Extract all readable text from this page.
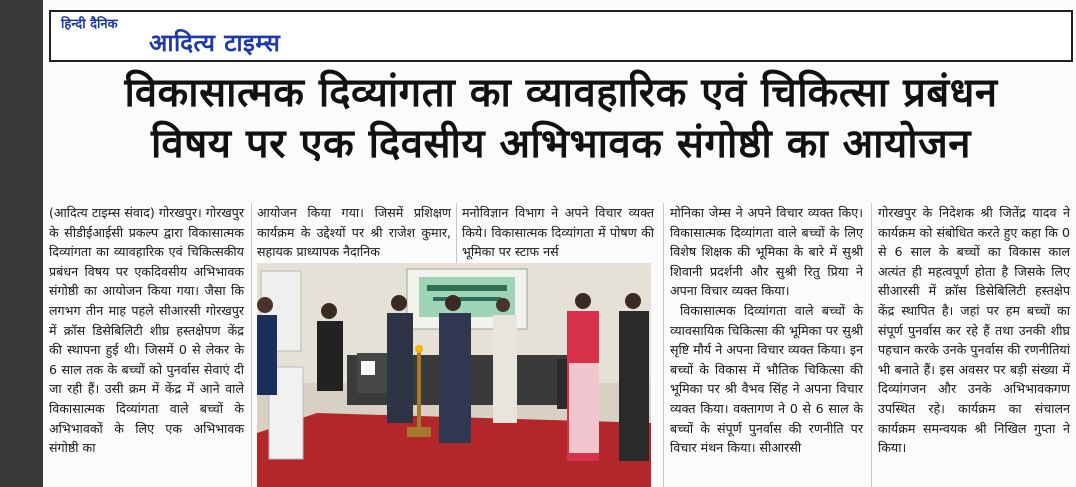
हिन्दी दैनिक
आदित्य टाइम्स
विकासात्मक दिव्यांगता का व्यावहारिक एवं चिकित्सा प्रबंधन
विषय पर एक दिवसीय अभिभावक संगोष्ठी का आयोजन

(आदित्य टाइम्स संवाद) गोरखपुर। गोरखपुर के सीडीईआईसी प्रकल्प द्वारा विकासात्मक दिव्यांगता का व्यावहारिक एवं चिकित्सकीय प्रबंधन विषय पर एकदिवसीय अभिभावक संगोष्ठी का आयोजन किया गया। जैसा कि लगभग तीन माह पहले सीआरसी गोरखपुर में क्रॉस डिसेबिलिटी शीघ्र हस्तक्षेपण केंद्र की स्थापना हुई थी। जिसमें 0 से लेकर के 6 साल तक के बच्चों को पुनर्वास सेवाएं दी जा रही हैं। उसी क्रम में केंद्र में आने वाले विकासात्मक दिव्यांगता वाले बच्चों के अभिभावकों के लिए एक अभिभावक संगोष्ठी का

आयोजन किया गया। जिसमें प्रशिक्षण कार्यक्रम के उद्देश्यों पर श्री राजेश कुमार, सहायक प्राध्यापक नैदानिक

मनोविज्ञान विभाग ने अपने विचार व्यक्त किये। विकासात्मक दिव्यांगता में पोषण की भूमिका पर स्टाफ नर्स

मोनिका जेम्स ने अपने विचार व्यक्त किए। विकासात्मक दिव्यांगता वाले बच्चों के लिए विशेष शिक्षक की भूमिका के बारे में सुश्री शिवानी प्रदर्शनी और सुश्री रितु प्रिया ने अपना विचार व्यक्त किया।

विकासात्मक दिव्यांगता वाले बच्चों के व्यावसायिक चिकित्सा की भूमिका पर सुश्री सृष्टि मौर्य ने अपना विचार व्यक्त किया। इन बच्चों के विकास में भौतिक चिकित्सा की भूमिका पर श्री वैभव सिंह ने अपना विचार व्यक्त किया। वक्तागण ने 0 से 6 साल के बच्चों के संपूर्ण पुनर्वास की रणनीति पर विचार मंथन किया। सीआरसी

गोरखपुर के निदेशक श्री जितेंद्र यादव ने कार्यक्रम को संबोधित करते हुए कहा कि 0 से 6 साल के बच्चों का विकास काल अत्यंत ही महत्वपूर्ण होता है जिसके लिए सीआरसी में क्रॉस डिसेबिलिटी हस्तक्षेप केंद्र स्थापित है। जहां पर हम बच्चों का संपूर्ण पुनर्वास कर रहे हैं तथा उनकी शीघ्र पहचान करके उनके पुनर्वास की रणनीतियां भी बनाते हैं। इस अवसर पर बड़ी संख्या में दिव्यांगजन और उनके अभिभावकगण उपस्थित रहे। कार्यक्रम का संचालन कार्यक्रम समन्वयक श्री निखिल गुप्ता ने किया।
